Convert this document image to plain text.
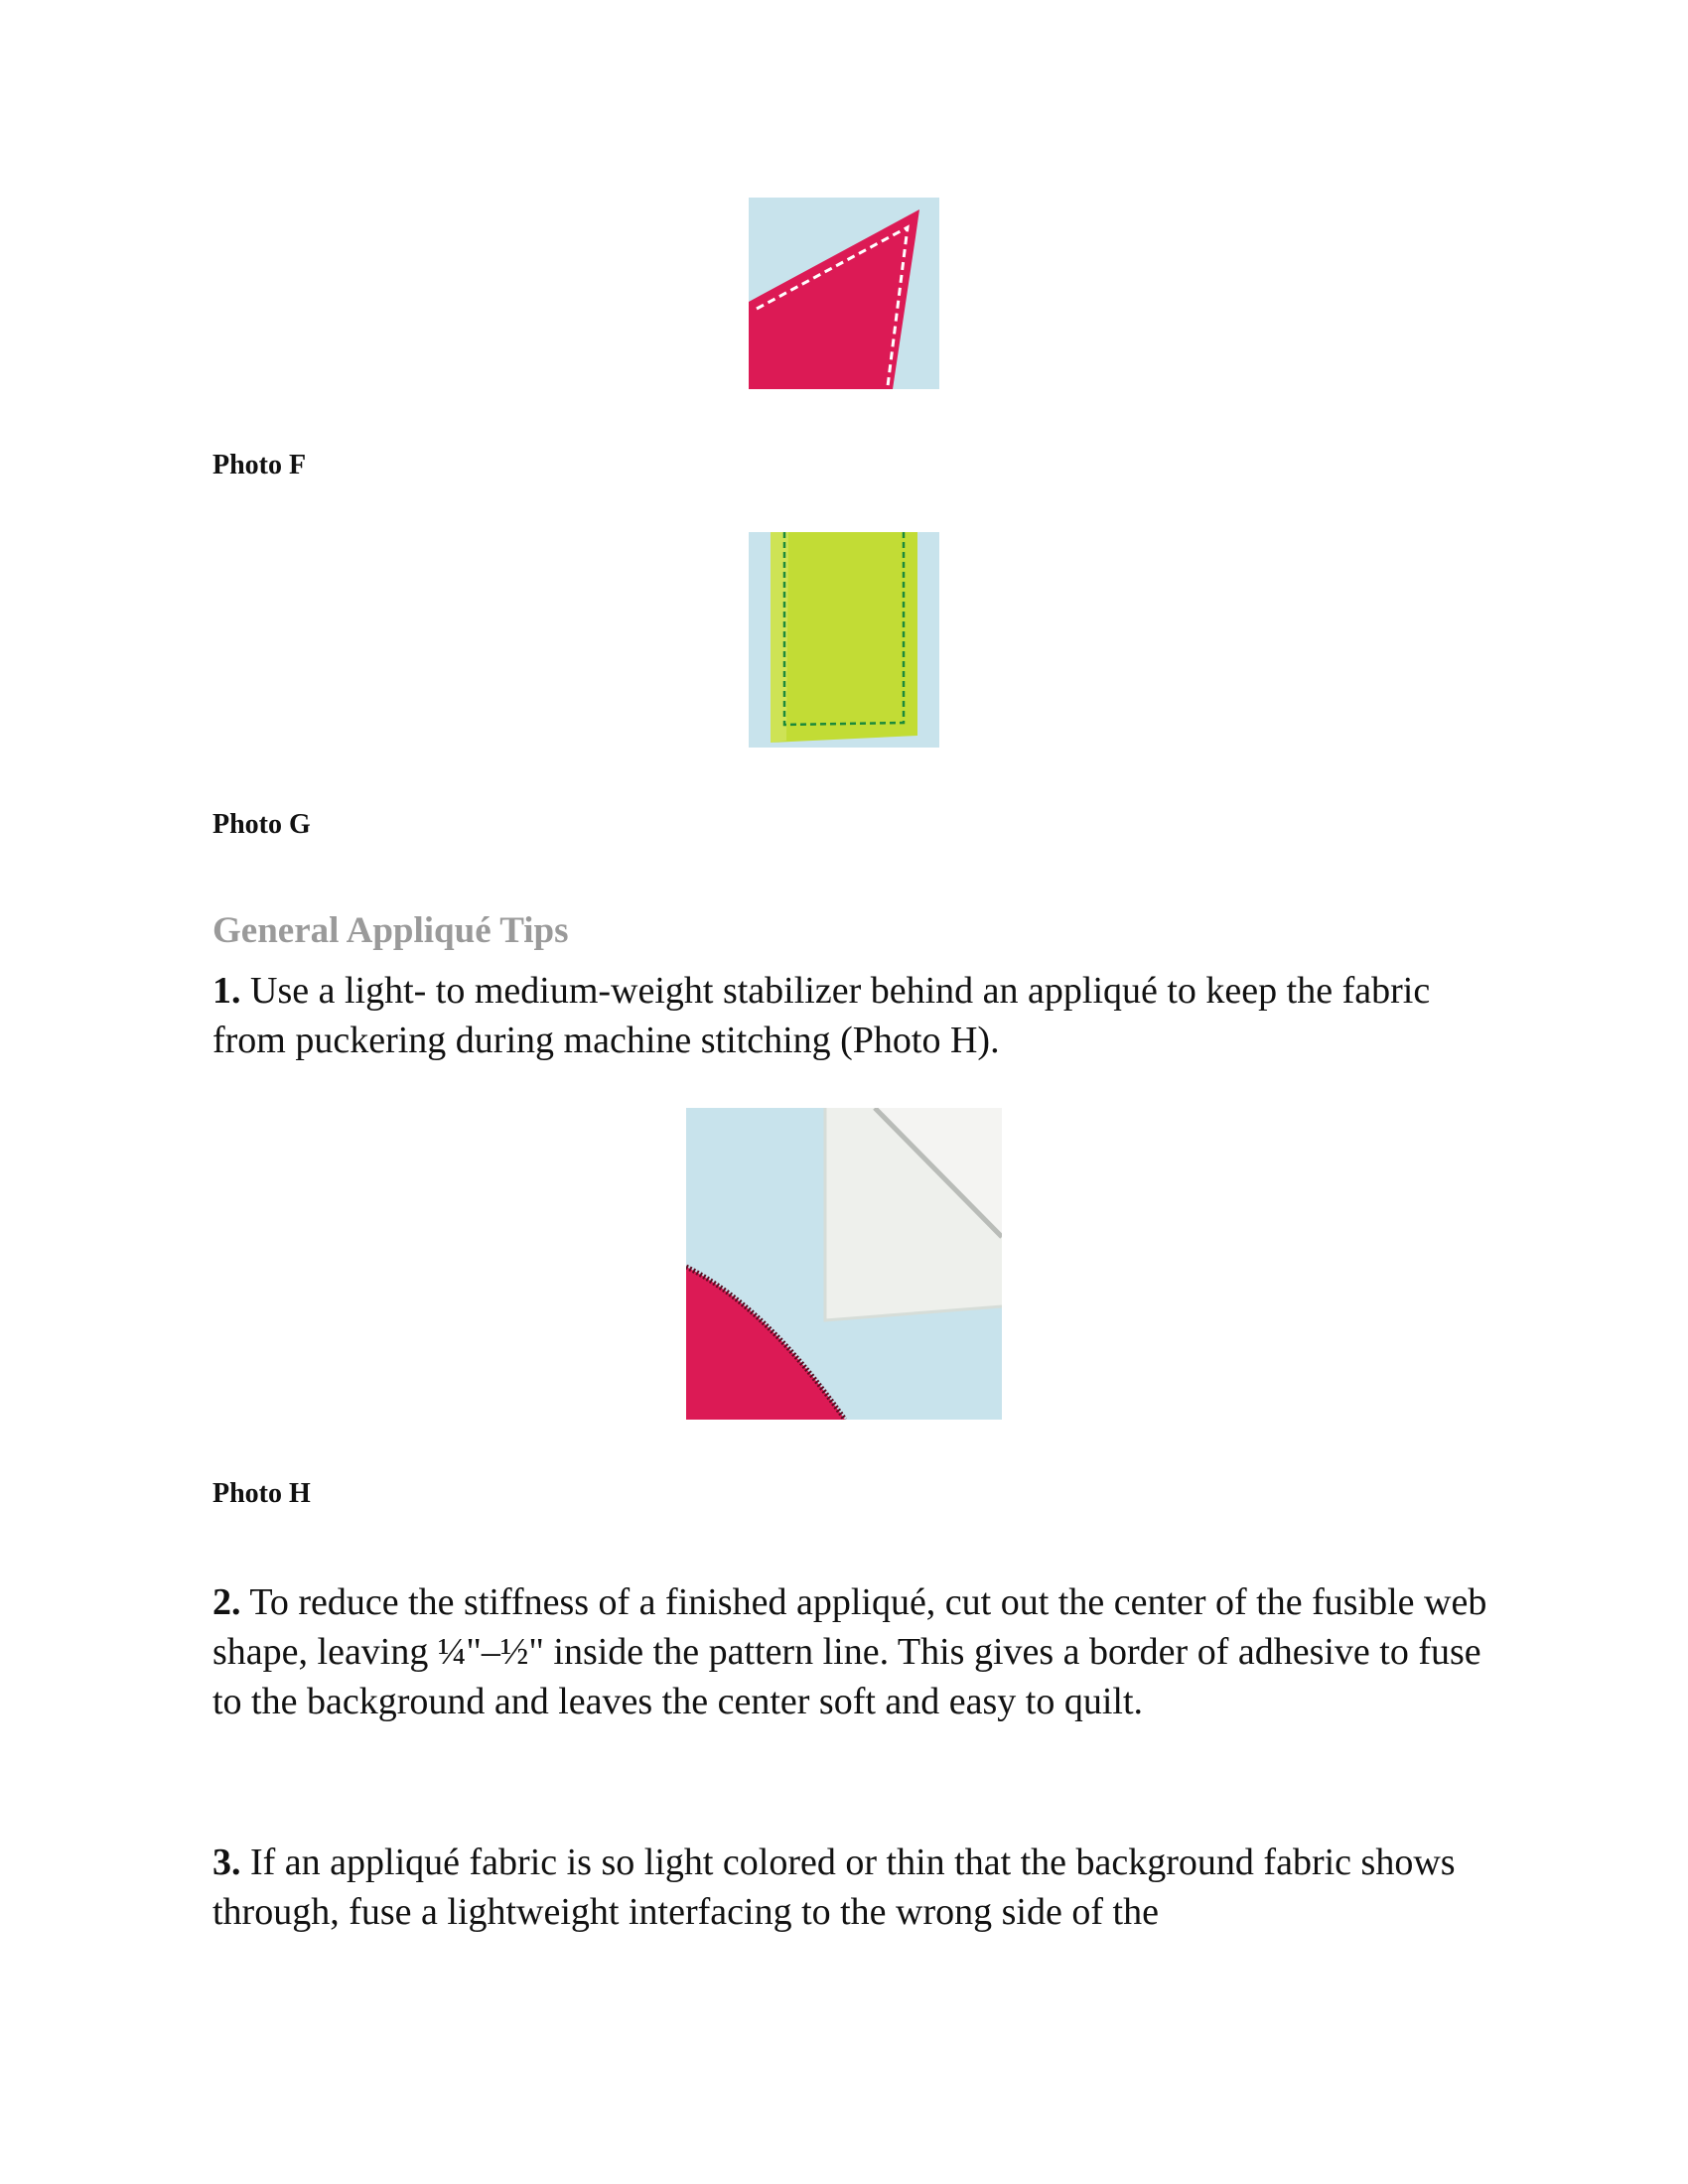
Photo F
Photo G
General Appliqué Tips
1. Use a light- to medium-weight stabilizer behind an appliqué to keep the fabric from puckering during machine stitching (Photo H).
Photo H
2. To reduce the stiffness of a finished appliqué, cut out the center of the fusible web shape, leaving ¼"–½" inside the pattern line. This gives a border of adhesive to fuse to the background and leaves the center soft and easy to quilt.
3. If an appliqué fabric is so light colored or thin that the background fabric shows through, fuse a lightweight interfacing to the wrong side of the
